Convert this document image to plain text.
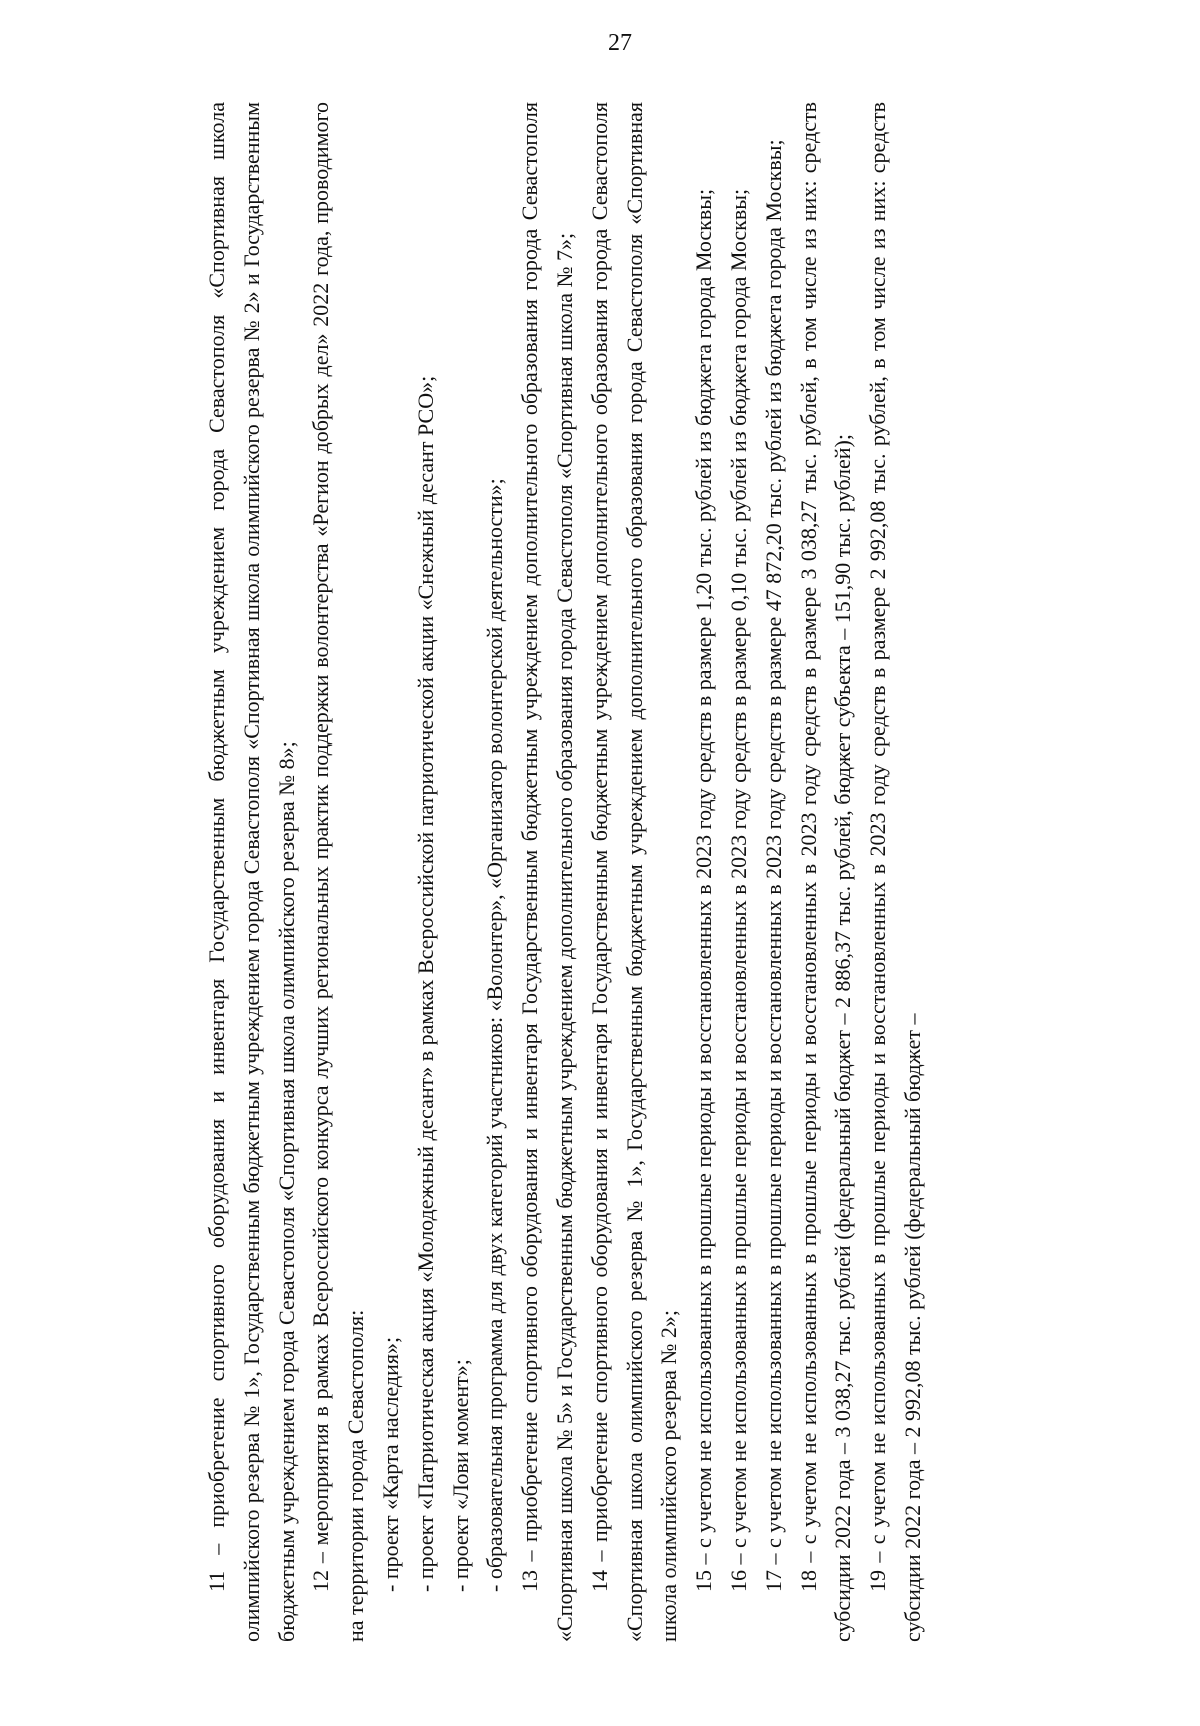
27

11 – приобретение спортивного оборудования и инвентаря Государственным бюджетным учреждением города Севастополя «Спортивная школа олимпийского резерва № 1», Государственным бюджетным учреждением города Севастополя «Спортивная школа олимпийского резерва № 2» и Государственным бюджетным учреждением города Севастополя «Спортивная школа олимпийского резерва № 8»; 12 – мероприятия в рамках Всероссийского конкурса лучших региональных практик поддержки волонтерства «Регион добрых дел» 2022 года, проводимого на территории города Севастополя: - проект «Карта наследия»; - проект «Патриотическая акция «Молодежный десант» в рамках Всероссийской патриотической акции «Снежный десант РСО»; - проект «Лови момент»; - образовательная программа для двух категорий участников: «Волонтер», «Организатор волонтерской деятельности»; 13 – приобретение спортивного оборудования и инвентаря Государственным бюджетным учреждением дополнительного образования города Севастополя «Спортивная школа № 5» и Государственным бюджетным учреждением дополнительного образования города Севастополя «Спортивная школа № 7»; 14 – приобретение спортивного оборудования и инвентаря Государственным бюджетным учреждением дополнительного образования города Севастополя «Спортивная школа олимпийского резерва № 1», Государственным бюджетным учреждением дополнительного образования города Севастополя «Спортивная школа олимпийского резерва № 2»; 15 – с учетом не использованных в прошлые периоды и восстановленных в 2023 году средств в размере 1,20 тыс. рублей из бюджета города Москвы; 16 – с учетом не использованных в прошлые периоды и восстановленных в 2023 году средств в размере 0,10 тыс. рублей из бюджета города Москвы; 17 – с учетом не использованных в прошлые периоды и восстановленных в 2023 году средств в размере 47 872,20 тыс. рублей из бюджета города Москвы; 18 – с учетом не использованных в прошлые периоды и восстановленных в 2023 году средств в размере 3 038,27 тыс. рублей, в том числе из них: средств субсидии 2022 года – 3 038,27 тыс. рублей (федеральный бюджет – 2 886,37 тыс. рублей, бюджет субъекта – 151,90 тыс. рублей); 19 – с учетом не использованных в прошлые периоды и восстановленных в 2023 году средств в размере 2 992,08 тыс. рублей, в том числе из них: средств субсидии 2022 года – 2 992,08 тыс. рублей (федеральный бюджет –
